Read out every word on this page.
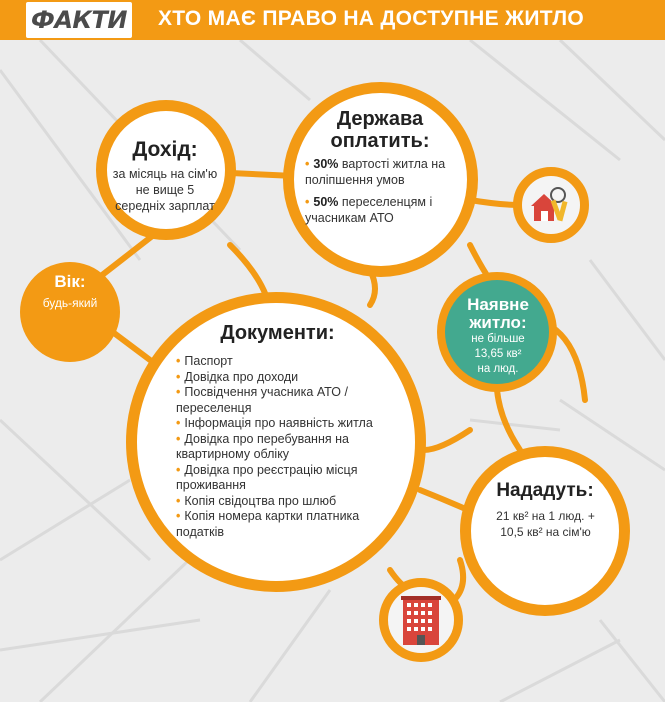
ФАКТИ ХТО МАЄ ПРАВО НА ДОСТУПНЕ ЖИТЛО
Дохід:
за місяць на сім'ю
не вище 5
середніх зарплат
Держава оплатить:
• 30% вартості житла на поліпшення умов
• 50% переселенцям і учасникам АТО
Вік:
будь-який
Документи:
• Паспорт
• Довідка про доходи
• Посвідчення учасника АТО / переселенця
• Інформація про наявність житла
• Довідка про перебування на квартирному обліку
• Довідка про реєстрацію місця проживання
• Копія свідоцтва про шлюб
• Копія номера картки платника податків
Наявне житло:
не більше
13,65 кв²
на люд.
Нададуть:
21 кв² на 1 люд. +
10,5 кв² на сім'ю
